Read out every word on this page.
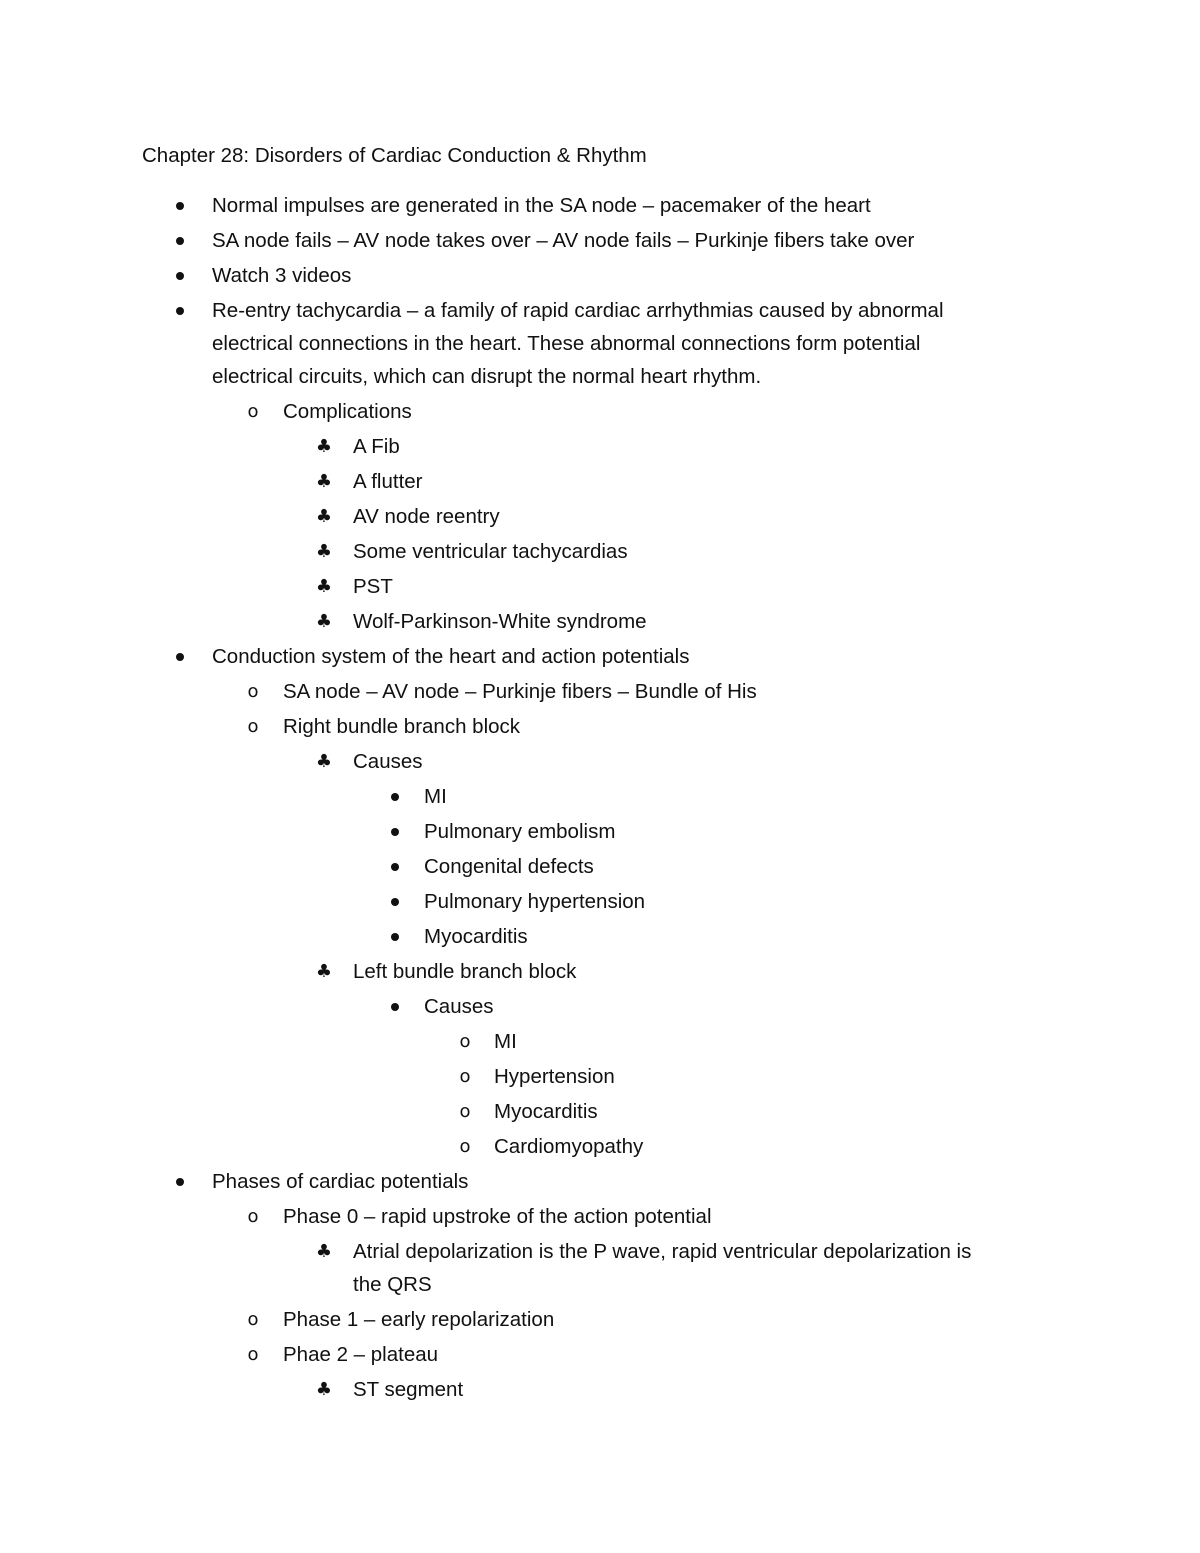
Chapter 28: Disorders of Cardiac Conduction & Rhythm
Normal impulses are generated in the SA node – pacemaker of the heart
SA node fails – AV node takes over – AV node fails – Purkinje fibers take over
Watch 3 videos
Re-entry tachycardia – a family of rapid cardiac arrhythmias caused by abnormal
electrical connections in the heart. These abnormal connections form potential
electrical circuits, which can disrupt the normal heart rhythm.
o Complications
♣ A Fib
♣ A flutter
♣ AV node reentry
♣ Some ventricular tachycardias
♣ PST
♣ Wolf-Parkinson-White syndrome
Conduction system of the heart and action potentials
o SA node – AV node – Purkinje fibers – Bundle of His
o Right bundle branch block
♣ Causes
MI
Pulmonary embolism
Congenital defects
Pulmonary hypertension
Myocarditis
♣ Left bundle branch block
Causes
o MI
o Hypertension
o Myocarditis
o Cardiomyopathy
Phases of cardiac potentials
o Phase 0 – rapid upstroke of the action potential
♣ Atrial depolarization is the P wave, rapid ventricular depolarization is
the QRS
o Phase 1 – early repolarization
o Phae 2 – plateau
♣ ST segment
